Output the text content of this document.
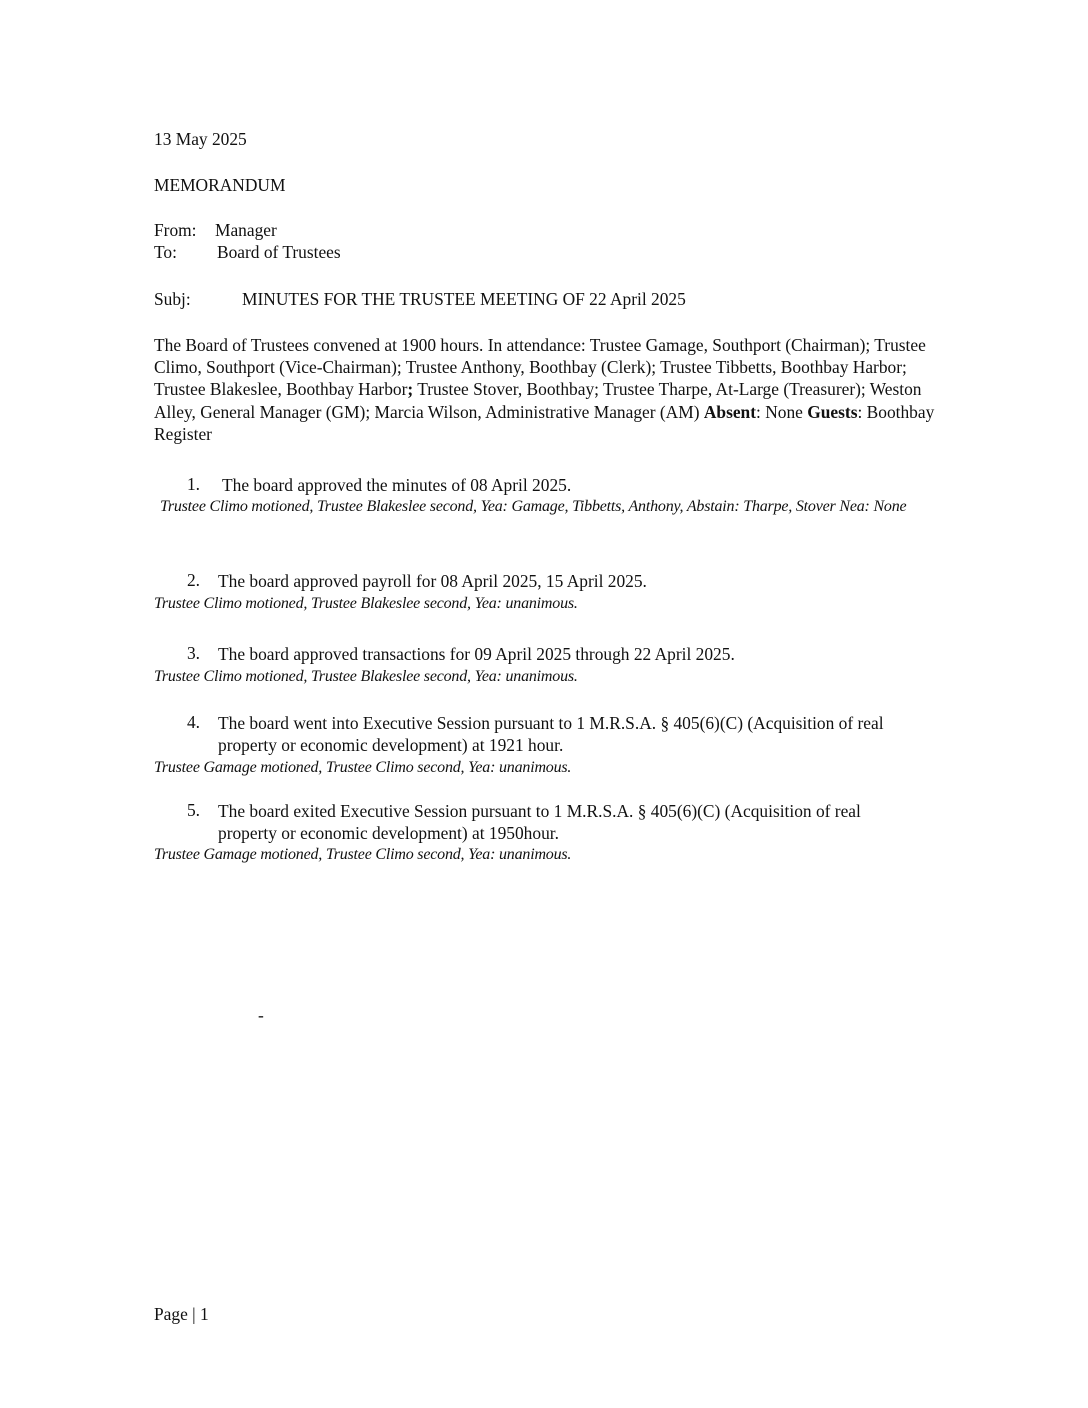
13 May 2025
MEMORANDUM
From: Manager
To: Board of Trustees
Subj:	MINUTES FOR THE TRUSTEE MEETING OF 22 April 2025
The Board of Trustees convened at 1900 hours. In attendance: Trustee Gamage, Southport (Chairman); Trustee Climo, Southport (Vice-Chairman); Trustee Anthony, Boothbay (Clerk); Trustee Tibbetts, Boothbay Harbor; Trustee Blakeslee, Boothbay Harbor; Trustee Stover, Boothbay; Trustee Tharpe, At-Large (Treasurer); Weston Alley, General Manager (GM); Marcia Wilson, Administrative Manager (AM) Absent: None Guests: Boothbay Register
1. The board approved the minutes of 08 April 2025.
Trustee Climo motioned, Trustee Blakeslee second, Yea: Gamage, Tibbetts, Anthony, Abstain: Tharpe, Stover Nea: None
2. The board approved payroll for 08 April 2025, 15 April 2025.
Trustee Climo motioned, Trustee Blakeslee second, Yea: unanimous.
3. The board approved transactions for 09 April 2025 through 22 April 2025.
Trustee Climo motioned, Trustee Blakeslee second, Yea: unanimous.
4. The board went into Executive Session pursuant to 1 M.R.S.A. § 405(6)(C) (Acquisition of real property or economic development) at 1921 hour.
Trustee Gamage motioned, Trustee Climo second, Yea: unanimous.
5. The board exited Executive Session pursuant to 1 M.R.S.A. § 405(6)(C) (Acquisition of real property or economic development) at 1950hour.
Trustee Gamage motioned, Trustee Climo second, Yea: unanimous.
-
Page | 1
